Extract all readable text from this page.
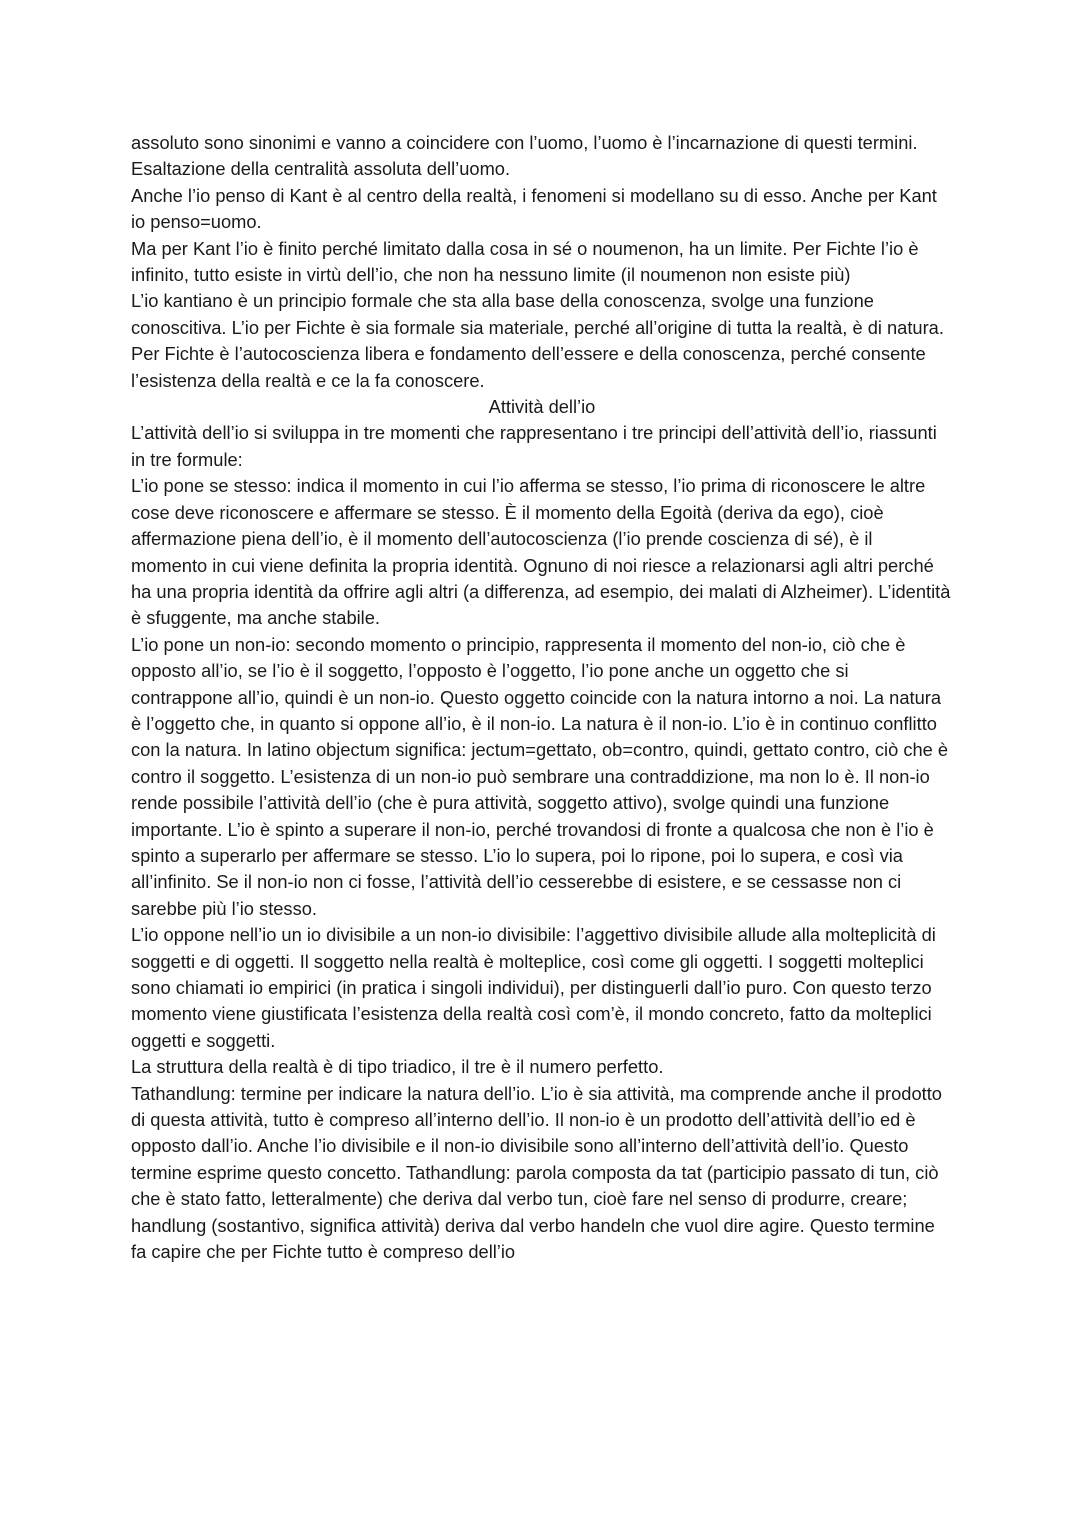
assoluto sono sinonimi e vanno a coincidere con l’uomo, l’uomo è l’incarnazione di questi termini. Esaltazione della centralità assoluta dell’uomo.

Anche l’io penso di Kant è al centro della realtà, i fenomeni si modellano su di esso. Anche per Kant io penso=uomo.

Ma per Kant l’io è finito perché limitato dalla cosa in sé o noumenon, ha un limite. Per Fichte l’io è infinito, tutto esiste in virtù dell’io, che non ha nessuno limite (il noumenon non esiste più)

L’io kantiano è un principio formale che sta alla base della conoscenza, svolge una funzione conoscitiva. L’io per Fichte è sia formale sia materiale, perché all’origine di tutta la realtà, è di natura. Per Fichte è l’autocoscienza libera e fondamento dell’essere e della conoscenza, perché consente l’esistenza della realtà e ce la fa conoscere.

Attività dell’io

L’attività dell’io si sviluppa in tre momenti che rappresentano i tre principi dell’attività dell’io, riassunti in tre formule:

L’io pone se stesso: indica il momento in cui l’io afferma se stesso, l’io prima di riconoscere le altre cose deve riconoscere e affermare se stesso. È il momento della Egoità (deriva da ego), cioè affermazione piena dell’io, è il momento dell’autocoscienza (l’io prende coscienza di sé), è il momento in cui viene definita la propria identità. Ognuno di noi riesce a relazionarsi agli altri perché ha una propria identità da offrire agli altri (a differenza, ad esempio, dei malati di Alzheimer). L’identità è sfuggente, ma anche stabile.

L’io pone un non-io: secondo momento o principio, rappresenta il momento del non-io, ciò che è opposto all’io, se l’io è il soggetto, l’opposto è l’oggetto, l’io pone anche un oggetto che si contrappone all’io, quindi è un non-io. Questo oggetto coincide con la natura intorno a noi. La natura è l’oggetto che, in quanto si oppone all’io, è il non-io. La natura è il non-io. L’io è in continuo conflitto con la natura. In latino objectum significa: jectum=gettato, ob=contro, quindi, gettato contro, ciò che è contro il soggetto. L’esistenza di un non-io può sembrare una contraddizione, ma non lo è. Il non-io rende possibile l’attività dell’io (che è pura attività, soggetto attivo), svolge quindi una funzione importante. L’io è spinto a superare il non-io, perché trovandosi di fronte a qualcosa che non è l’io è spinto a superarlo per affermare se stesso. L’io lo supera, poi lo ripone, poi lo supera, e così via all’infinito. Se il non-io non ci fosse, l’attività dell’io cesserebbe di esistere, e se cessasse non ci sarebbe più l’io stesso.

L’io oppone nell’io un io divisibile a un non-io divisibile: l’aggettivo divisibile allude alla molteplicità di soggetti e di oggetti. Il soggetto nella realtà è molteplice, così come gli oggetti. I soggetti molteplici sono chiamati io empirici (in pratica i singoli individui), per distinguerli dall’io puro. Con questo terzo momento viene giustificata l’esistenza della realtà così com’è, il mondo concreto, fatto da molteplici oggetti e soggetti.

La struttura della realtà è di tipo triadico, il tre è il numero perfetto.

Tathandlung: termine per indicare la natura dell’io. L’io è sia attività, ma comprende anche il prodotto di questa attività, tutto è compreso all’interno dell’io. Il non-io è un prodotto dell’attività dell’io ed è opposto dall’io. Anche l’io divisibile e il non-io divisibile sono all’interno dell’attività dell’io. Questo termine esprime questo concetto. Tathandlung: parola composta da tat (participio passato di tun, ciò che è stato fatto, letteralmente) che deriva dal verbo tun, cioè fare nel senso di produrre, creare; handlung (sostantivo, significa attività) deriva dal verbo handeln che vuol dire agire. Questo termine fa capire che per Fichte tutto è compreso dell’io
